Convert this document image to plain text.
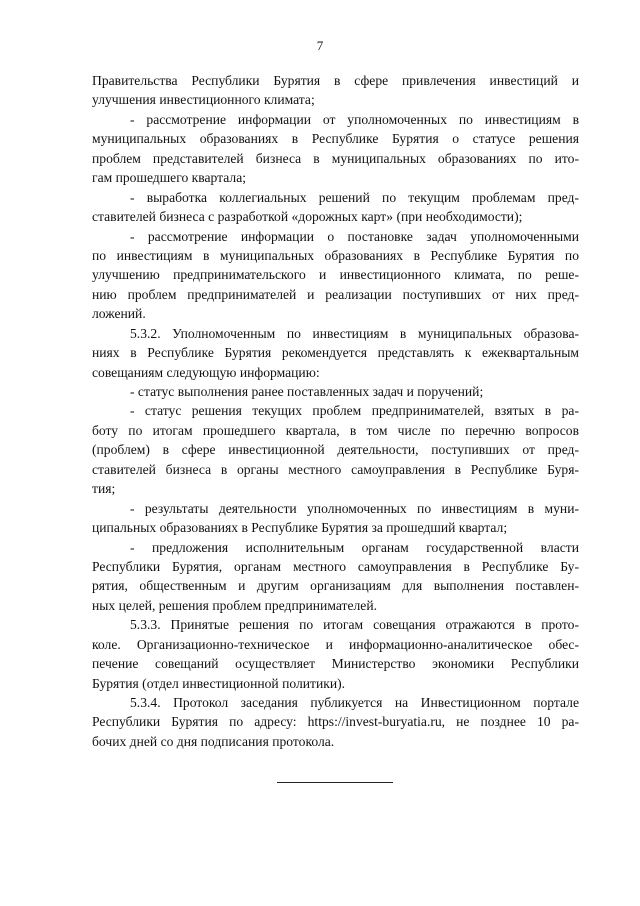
7
Правительства Республики Бурятия в сфере привлечения инвестиций и
улучшения инвестиционного климата;
- рассмотрение информации от уполномоченных по инвестициям в
муниципальных образованиях в Республике Бурятия о статусе решения
проблем представителей бизнеса в муниципальных образованиях по ито-
гам прошедшего квартала;
- выработка коллегиальных решений по текущим проблемам пред-
ставителей бизнеса с разработкой «дорожных карт» (при необходимости);
- рассмотрение информации о постановке задач уполномоченными
по инвестициям в муниципальных образованиях в Республике Бурятия по
улучшению предпринимательского и инвестиционного климата, по реше-
нию проблем предпринимателей и реализации поступивших от них пред-
ложений.
5.3.2. Уполномоченным по инвестициям в муниципальных образова-
ниях в Республике Бурятия рекомендуется представлять к ежеквартальным
совещаниям следующую информацию:
- статус выполнения ранее поставленных задач и поручений;
- статус решения текущих проблем предпринимателей, взятых в ра-
боту по итогам прошедшего квартала, в том числе по перечню вопросов
(проблем) в сфере инвестиционной деятельности, поступивших от пред-
ставителей бизнеса в органы местного самоуправления в Республике Буря-
тия;
- результаты деятельности уполномоченных по инвестициям в муни-
ципальных образованиях в Республике Бурятия за прошедший квартал;
- предложения исполнительным органам государственной власти
Республики Бурятия, органам местного самоуправления в Республике Бу-
рятия, общественным и другим организациям для выполнения поставлен-
ных целей, решения проблем предпринимателей.
5.3.3. Принятые решения по итогам совещания отражаются в прото-
коле. Организационно-техническое и информационно-аналитическое обес-
печение совещаний осуществляет Министерство экономики Республики
Бурятия (отдел инвестиционной политики).
5.3.4. Протокол заседания публикуется на Инвестиционном портале
Республики Бурятия по адресу: https://invest-buryatia.ru, не позднее 10 ра-
бочих дней со дня подписания протокола.
